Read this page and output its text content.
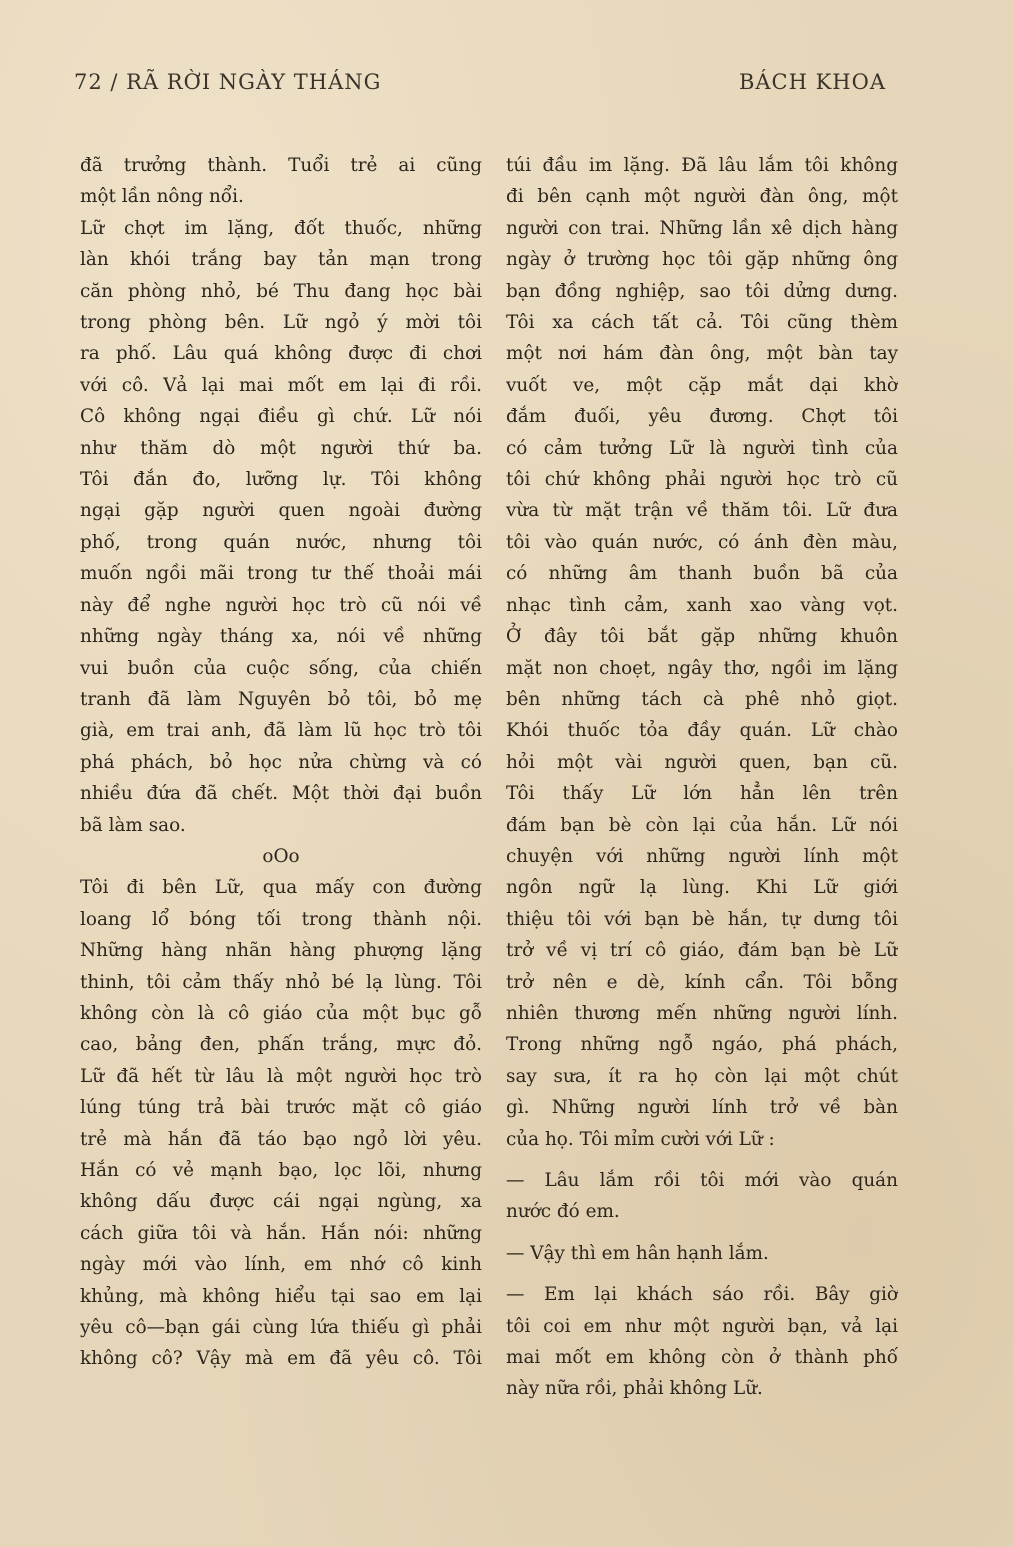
72 / RÃ RỜI NGÀY THÁNG	BÁCH KHOA
đã trưởng thành. Tuổi trẻ ai cũng
một lần nông nổi.
Lữ chợt im lặng, đốt thuốc, những
làn khói trắng bay tản mạn trong
căn phòng nhỏ, bé Thu đang học bài
trong phòng bên. Lữ ngỏ ý mời tôi
ra phố. Lâu quá không được đi chơi
với cô. Vả lại mai mốt em lại đi rồi.
Cô không ngại điều gì chứ. Lữ nói
như thăm dò một người thứ ba.
Tôi đắn đo, lưỡng lự. Tôi không
ngại gặp người quen ngoài đường
phố, trong quán nước, nhưng tôi
muốn ngồi mãi trong tư thế thoải mái
này để nghe người học trò cũ nói về
những ngày tháng xa, nói về những
vui buồn của cuộc sống, của chiến
tranh đã làm Nguyên bỏ tôi, bỏ mẹ
già, em trai anh, đã làm lũ học trò tôi
phá phách, bỏ học nửa chừng và có
nhiều đứa đã chết. Một thời đại buồn
bã làm sao.
oOo
Tôi đi bên Lữ, qua mấy con đường
loang lổ bóng tối trong thành nội.
Những hàng nhãn hàng phượng lặng
thinh, tôi cảm thấy nhỏ bé lạ lùng. Tôi
không còn là cô giáo của một bục gỗ
cao, bảng đen, phấn trắng, mực đỏ.
Lữ đã hết từ lâu là một người học trò
lúng túng trả bài trước mặt cô giáo
trẻ mà hắn đã táo bạo ngỏ lời yêu.
Hắn có vẻ mạnh bạo, lọc lõi, nhưng
không dấu được cái ngại ngùng, xa
cách giữa tôi và hắn. Hắn nói: những
ngày mới vào lính, em nhớ cô kinh
khủng, mà không hiểu tại sao em lại
yêu cô—bạn gái cùng lứa thiếu gì phải
không cô? Vậy mà em đã yêu cô. Tôi
túi đầu im lặng. Đã lâu lắm tôi không
đi bên cạnh một người đàn ông, một
người con trai. Những lần xê dịch hàng
ngày ở trường học tôi gặp những ông
bạn đồng nghiệp, sao tôi dửng dưng.
Tôi xa cách tất cả. Tôi cũng thèm
một nơi hám đàn ông, một bàn tay
vuốt ve, một cặp mắt dại khờ
đắm đuối, yêu đương. Chợt tôi
có cảm tưởng Lữ là người tình của
tôi chứ không phải người học trò cũ
vừa từ mặt trận về thăm tôi. Lữ đưa
tôi vào quán nước, có ánh đèn màu,
có những âm thanh buồn bã của
nhạc tình cảm, xanh xao vàng vọt.
Ở đây tôi bắt gặp những khuôn
mặt non choẹt, ngây thơ, ngồi im lặng
bên những tách cà phê nhỏ giọt.
Khói thuốc tỏa đầy quán. Lữ chào
hỏi một vài người quen, bạn cũ.
Tôi thấy Lữ lớn hẳn lên trên
đám bạn bè còn lại của hắn. Lữ nói
chuyện với những người lính một
ngôn ngữ lạ lùng. Khi Lữ giới
thiệu tôi với bạn bè hắn, tự dưng tôi
trở về vị trí cô giáo, đám bạn bè Lữ
trở nên e dè, kính cẩn. Tôi bỗng
nhiên thương mến những người lính.
Trong những ngỗ ngáo, phá phách,
say sưa, ít ra họ còn lại một chút
gì. Những người lính trở về bàn
của họ. Tôi mỉm cười với Lữ :
— Lâu lắm rồi tôi mới vào quán
nước đó em.
— Vậy thì em hân hạnh lắm.
— Em lại khách sáo rồi. Bây giờ
tôi coi em như một người bạn, vả lại
mai mốt em không còn ở thành phố
này nữa rồi, phải không Lữ.
